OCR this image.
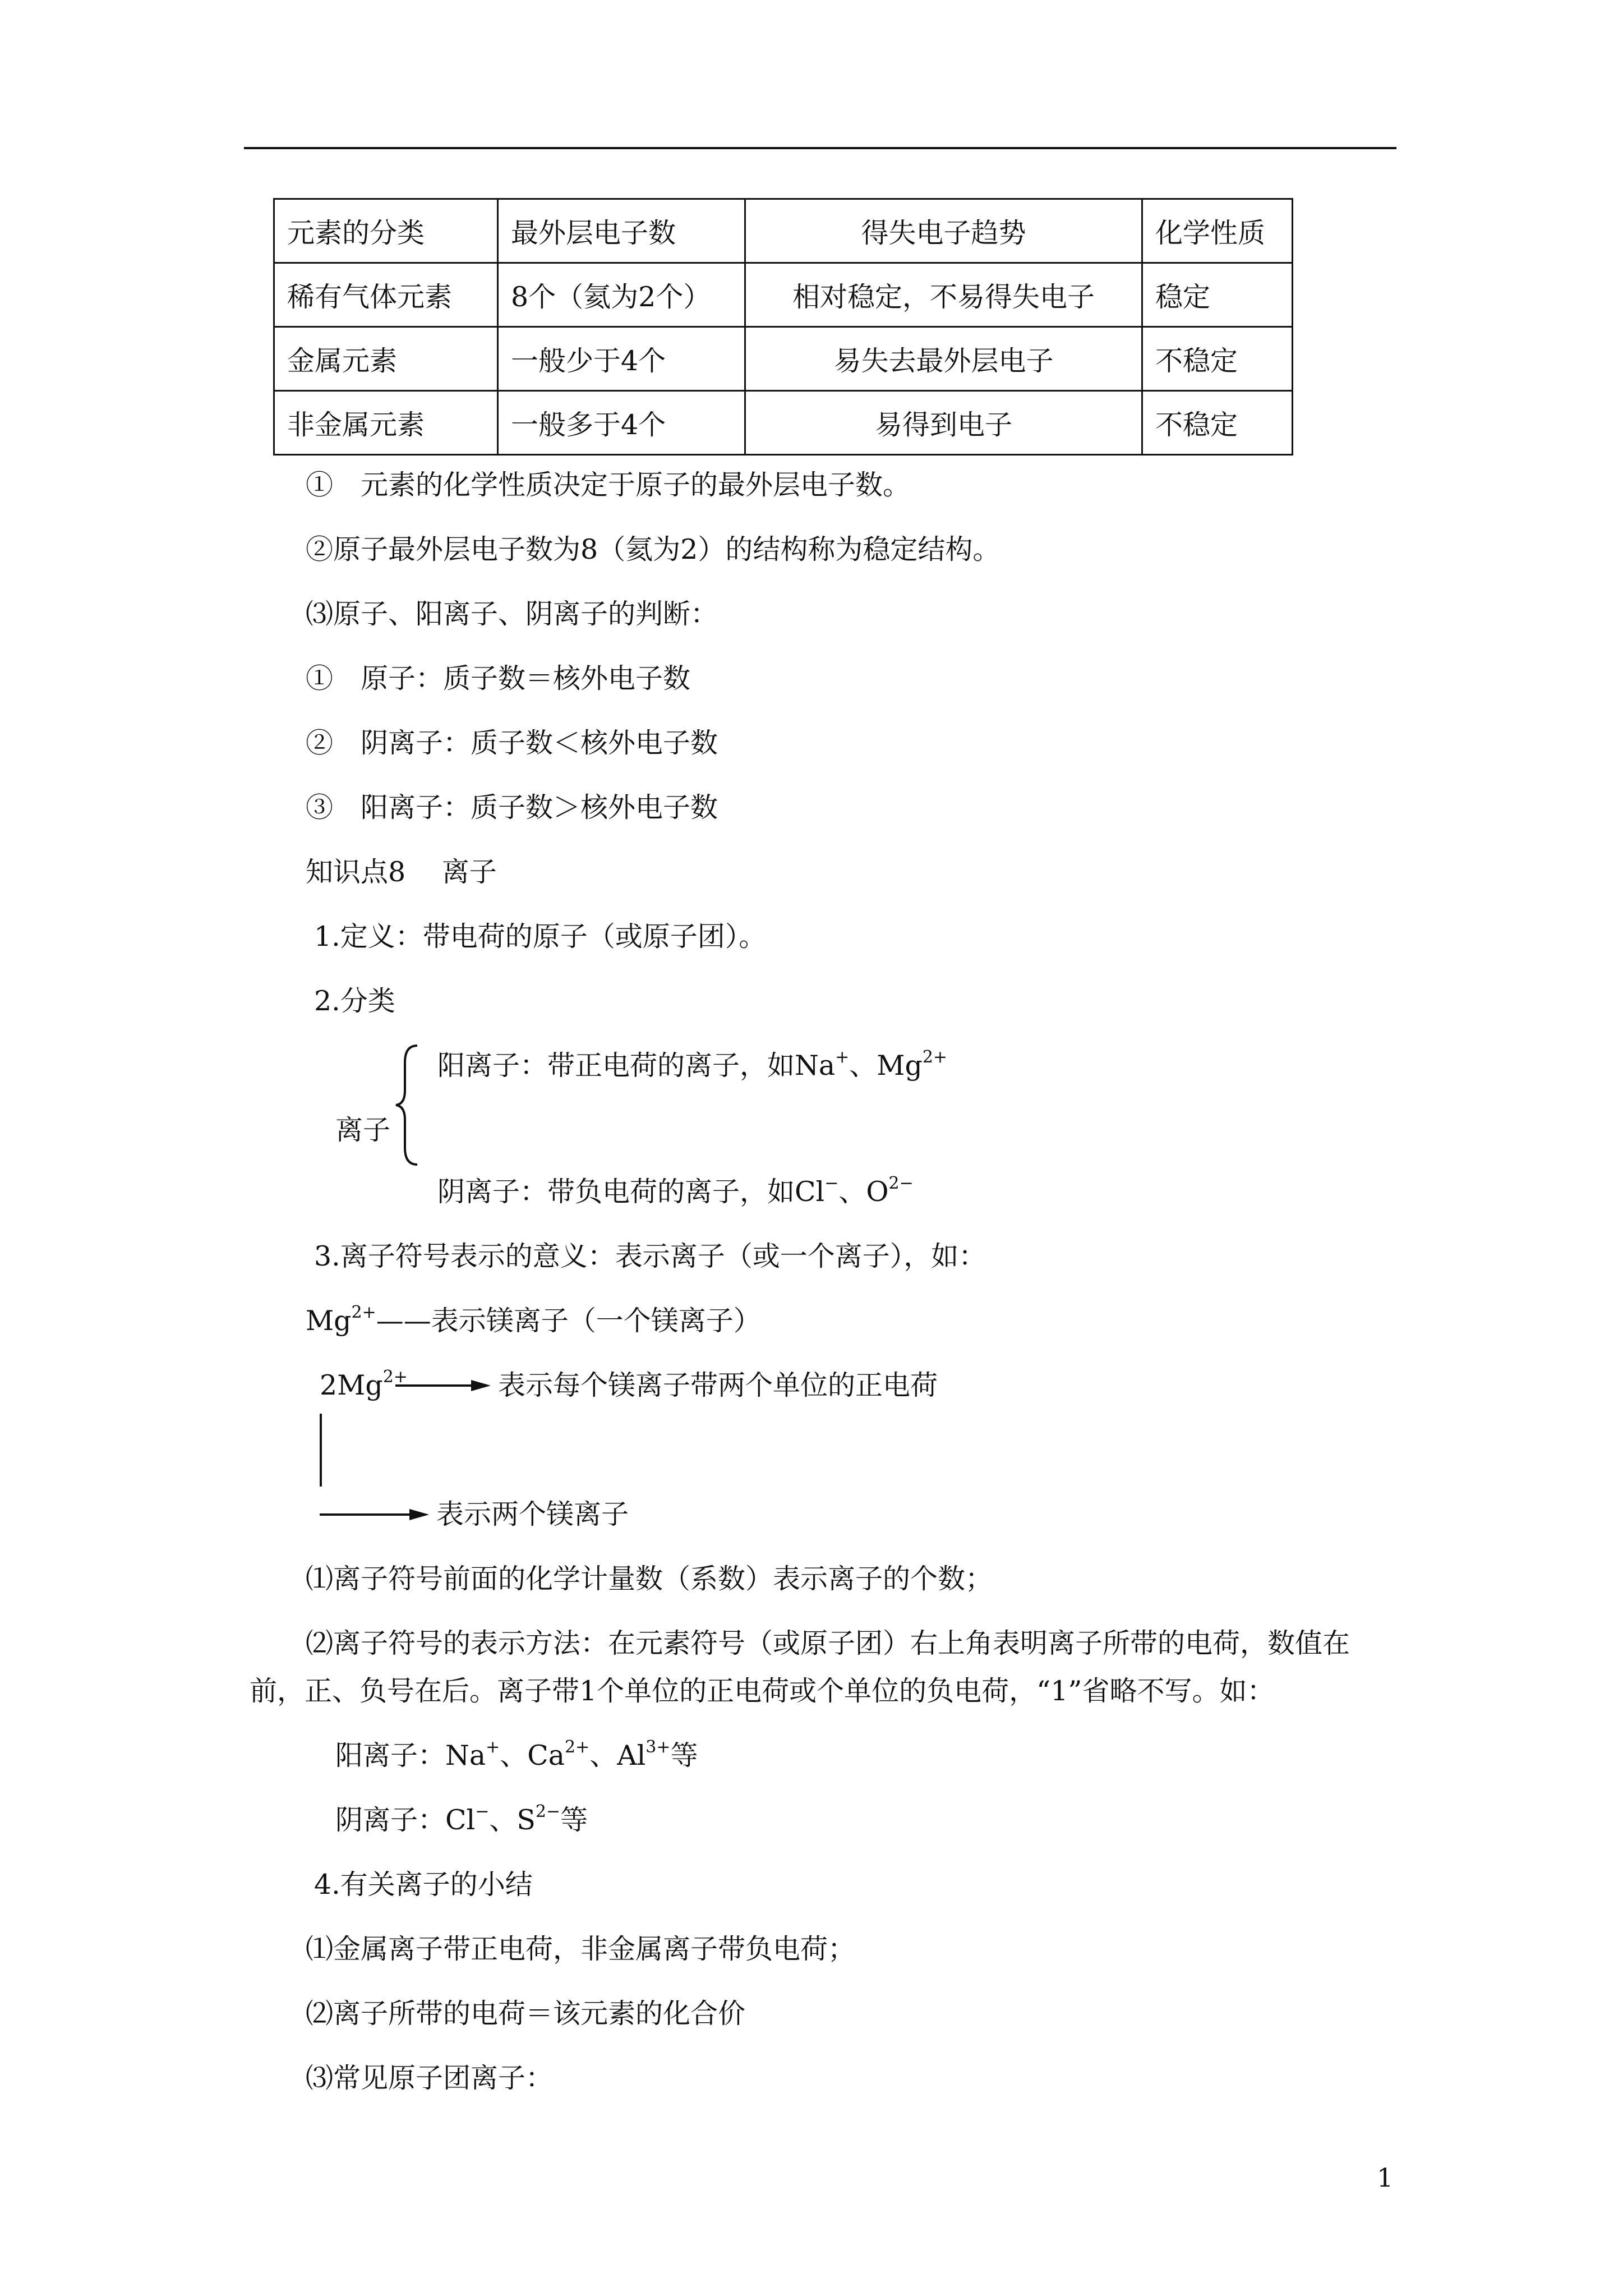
元素的分类	最外层电子数	得失电子趋势	化学性质
稀有气体元素	8个（氦为2个）	相对稳定，不易得失电子	稳定
金属元素	一般少于4个	易失去最外层电子	不稳定
非金属元素	一般多于4个	易得到电子	不稳定
①　元素的化学性质决定于原子的最外层电子数。
②原子最外层电子数为8（氦为2）的结构称为稳定结构。
⑶原子、阳离子、阴离子的判断：
①　原子：质子数＝核外电子数
②　阴离子：质子数＜核外电子数
③　阳离子：质子数＞核外电子数
知识点8　 离子
1.定义：带电荷的原子（或原子团）。
2.分类
阳离子：带正电荷的离子，如Na+、$Mg^{2+}$
离子
阴离子：带负电荷的离子，如Cl−、$O^{2-}$
3.离子符号表示的意义：表示离子（或一个离子），如：
$Mg^{2+}——$表示镁离子（一个镁离子）
$2Mg^{2+}$	表示每个镁离子带两个单位的正电荷
表示两个镁离子
⑴离子符号前面的化学计量数（系数）表示离子的个数；
⑵离子符号的表示方法：在元素符号（或原子团）右上角表明离子所带的电荷，数值在
前，正、负号在后。离子带1个单位的正电荷或个单位的负电荷，“1”省略不写。如：
阳离子：Na+、$Ca^{2+}$、$Al^{3+}$等
阴离子：Cl−、$S^{2-}$等
4.有关离子的小结
⑴金属离子带正电荷，非金属离子带负电荷；
⑵离子所带的电荷＝该元素的化合价
⑶常见原子团离子：
1
